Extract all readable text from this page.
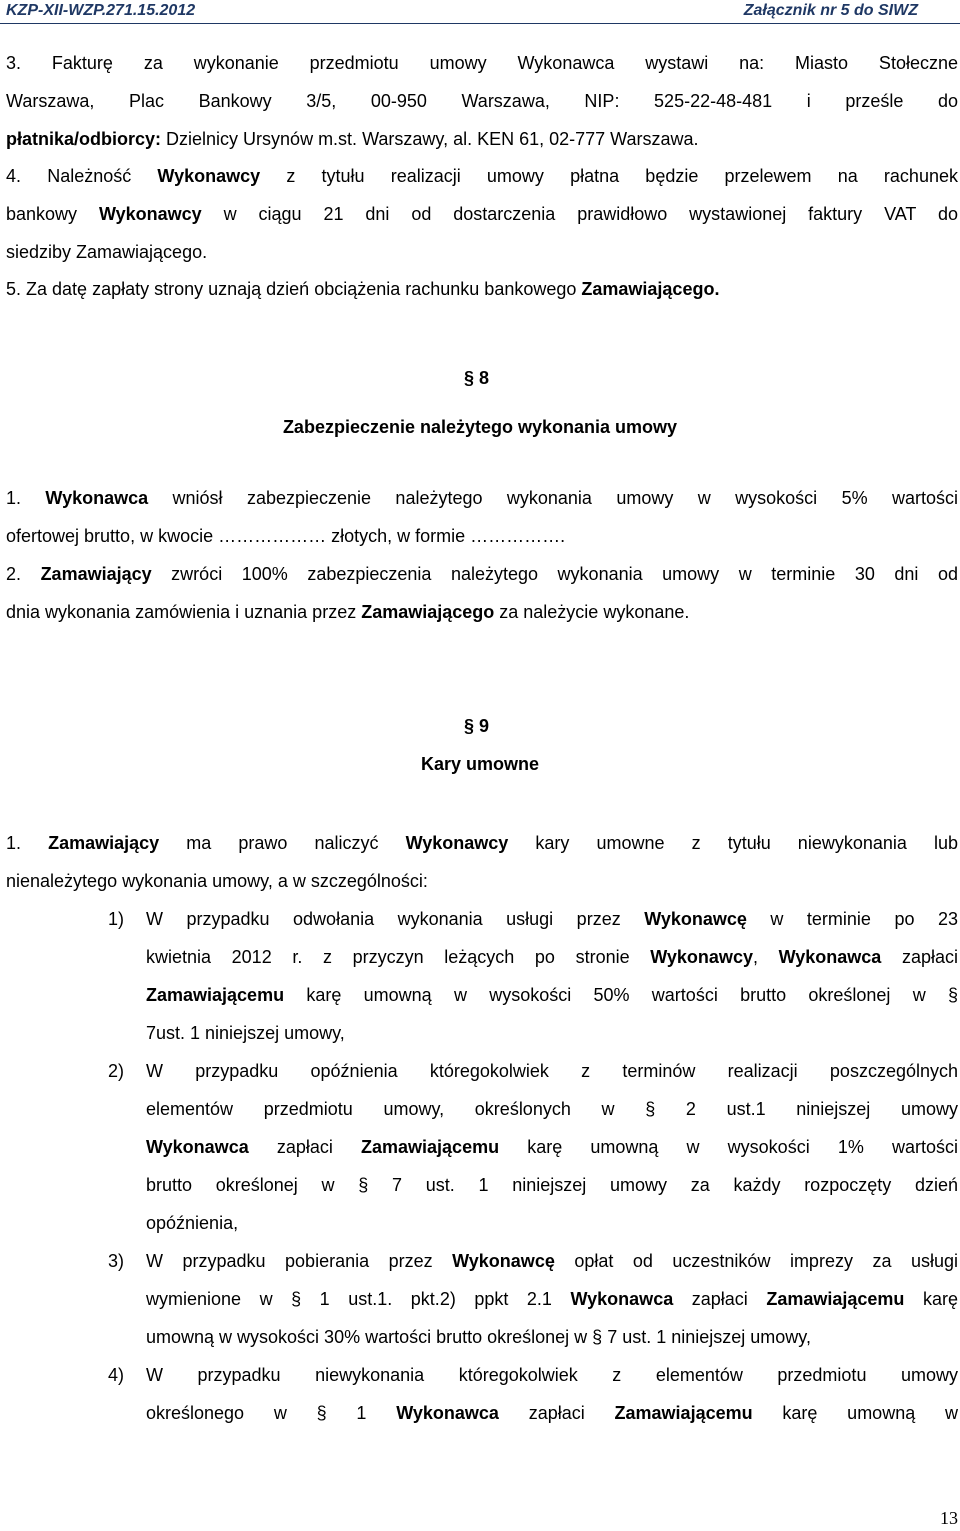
KZP-XII-WZP.271.15.2012	Załącznik nr 5 do SIWZ
3. Fakturę za wykonanie przedmiotu umowy Wykonawca wystawi na: Miasto Stołeczne
Warszawa, Plac Bankowy 3/5, 00-950 Warszawa, NIP: 525-22-48-481 i prześle do
płatnika/odbiorcy: Dzielnicy Ursynów m.st. Warszawy, al. KEN 61, 02-777 Warszawa.
4. Należność Wykonawcy z tytułu realizacji umowy płatna będzie przelewem na rachunek
bankowy Wykonawcy w ciągu 21 dni od dostarczenia prawidłowo wystawionej faktury VAT do
siedziby Zamawiającego.
5. Za datę zapłaty strony uznają dzień obciążenia rachunku bankowego Zamawiającego.
§ 8
Zabezpieczenie należytego wykonania umowy
1. Wykonawca wniósł zabezpieczenie należytego wykonania umowy w wysokości 5% wartości
ofertowej brutto, w kwocie ……………… złotych, w formie …………….
2. Zamawiający zwróci 100% zabezpieczenia należytego wykonania umowy w terminie 30 dni od
dnia wykonania zamówienia i uznania przez Zamawiającego za należycie wykonane.
§ 9
Kary umowne
1. Zamawiający ma prawo naliczyć Wykonawcy kary umowne z tytułu niewykonania lub
nienależytego wykonania umowy, a w szczególności:
1) W przypadku odwołania wykonania usługi przez Wykonawcę w terminie po 23
kwietnia 2012 r. z przyczyn leżących po stronie Wykonawcy, Wykonawca zapłaci
Zamawiającemu karę umowną w wysokości 50% wartości brutto określonej w §
7ust. 1 niniejszej umowy,
2) W przypadku opóźnienia któregokolwiek z terminów realizacji poszczególnych
elementów przedmiotu umowy, określonych w § 2 ust.1 niniejszej umowy
Wykonawca zapłaci Zamawiającemu karę umowną w wysokości 1% wartości
brutto określonej w § 7 ust. 1 niniejszej umowy za każdy rozpoczęty dzień
opóźnienia,
3) W przypadku pobierania przez Wykonawcę opłat od uczestników imprezy za usługi
wymienione w § 1 ust.1. pkt.2) ppkt 2.1 Wykonawca zapłaci Zamawiającemu karę
umowną w wysokości 30% wartości brutto określonej w § 7 ust. 1 niniejszej umowy,
4) W przypadku niewykonania któregokolwiek z elementów przedmiotu umowy
określonego w § 1 Wykonawca zapłaci Zamawiającemu karę umowną w
13
